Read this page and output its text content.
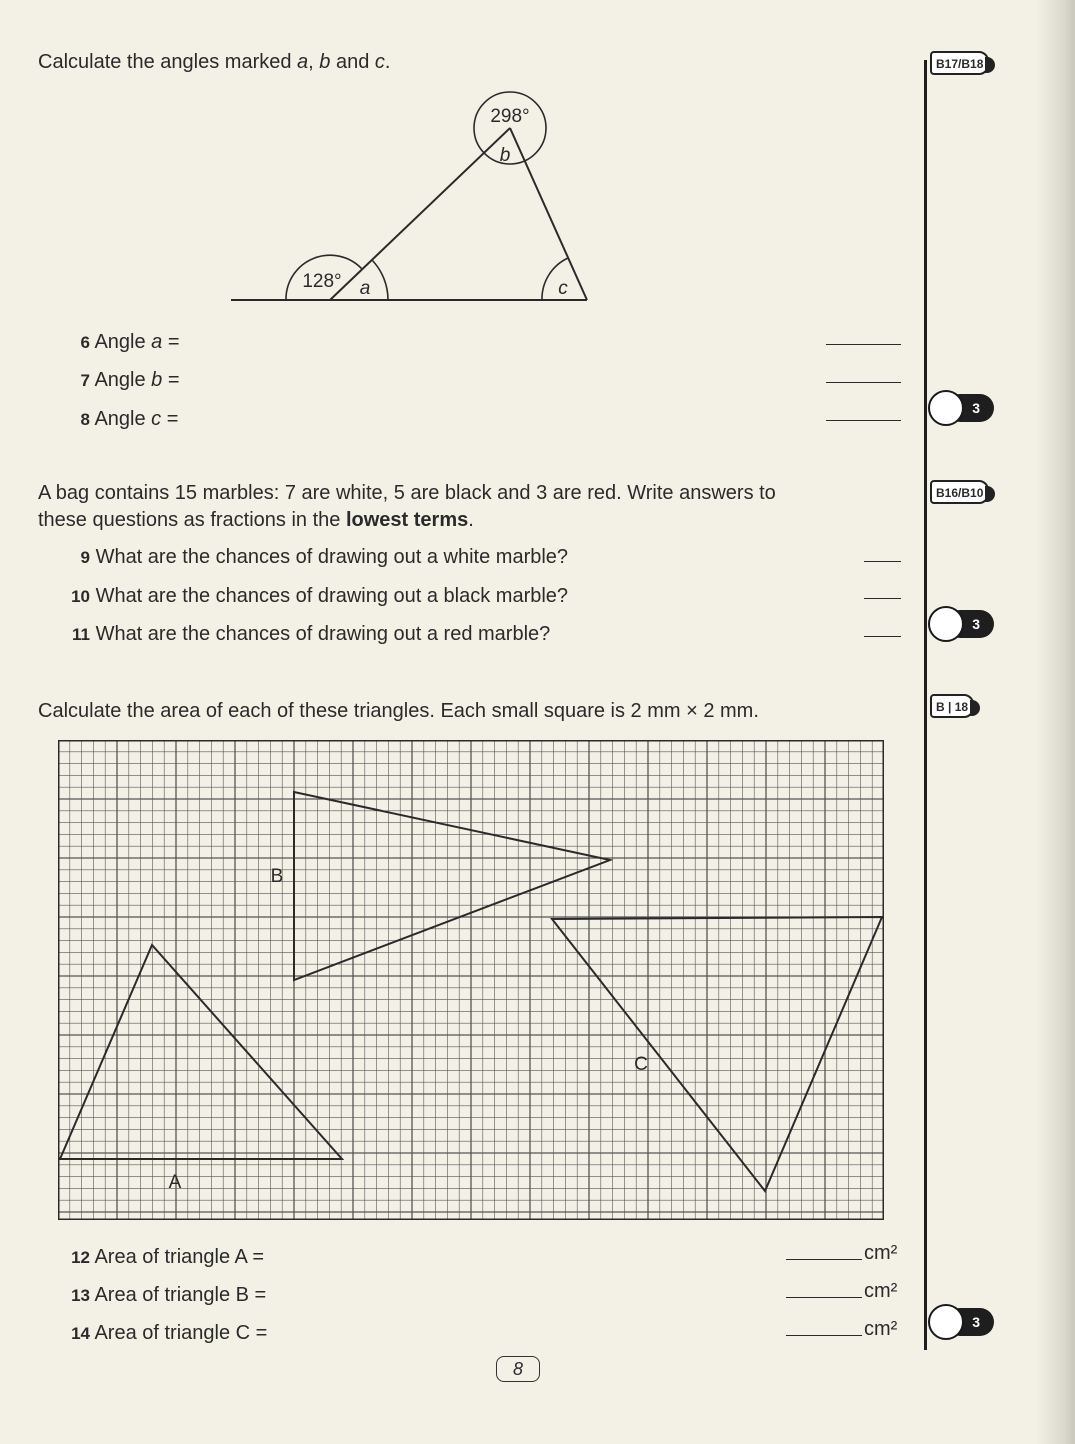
Calculate the angles marked a, b and c.
298°
b
128° a	c
6 Angle a =
7 Angle b =
8 Angle c =
A bag contains 15 marbles: 7 are white, 5 are black and 3 are red. Write answers to
these questions as fractions in the lowest terms.
9 What are the chances of drawing out a white marble?
10 What are the chances of drawing out a black marble?
11 What are the chances of drawing out a red marble?
Calculate the area of each of these triangles. Each small square is 2 mm × 2 mm.
A
B
C
12 Area of triangle A =
13 Area of triangle B =
14 Area of triangle C =
cm²
cm²
cm²
B17/B18
B16/B10
B | 18
3
3
3
8
